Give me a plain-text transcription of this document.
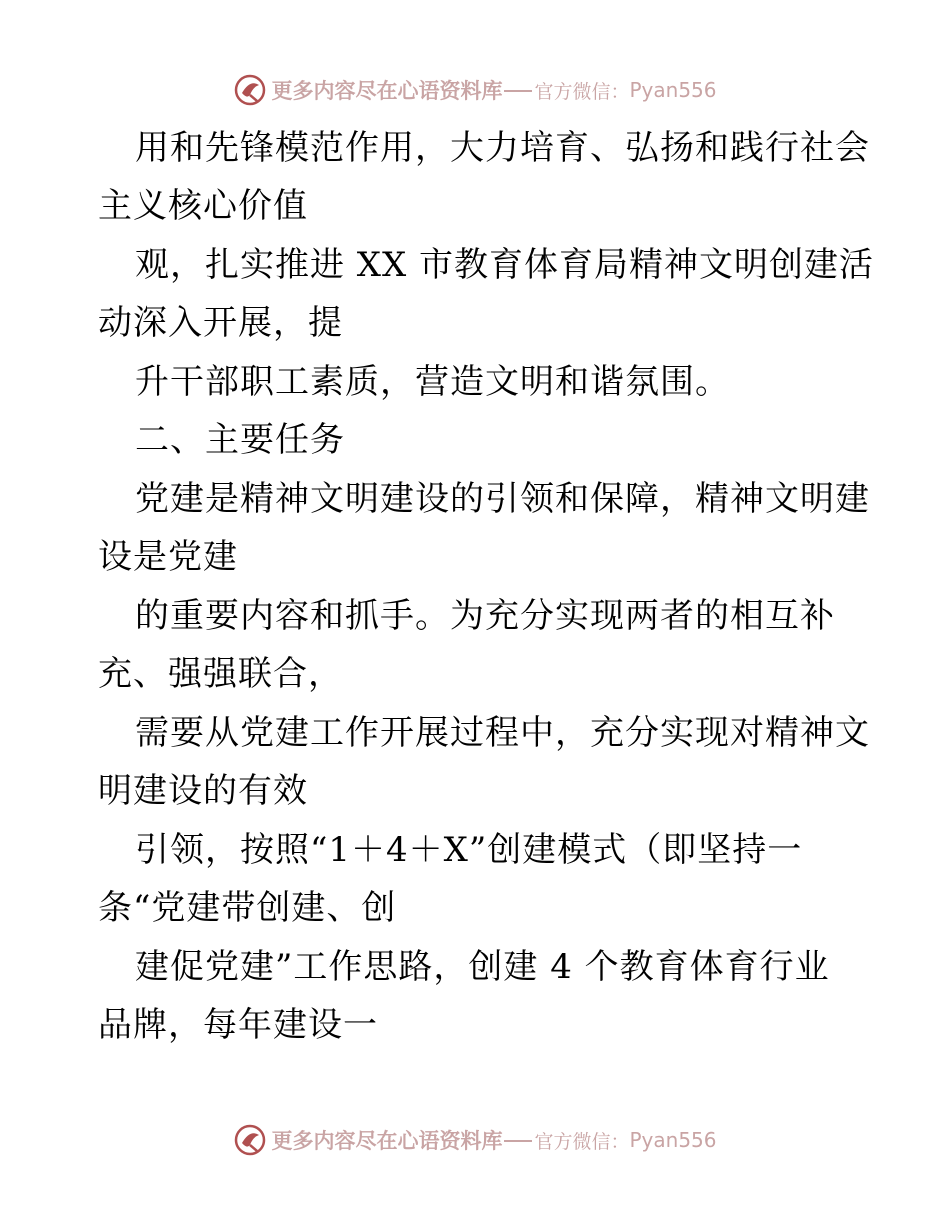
更多内容尽在心语资料库 官方微信： Pyan556
用和先锋模范作用，大力培育、弘扬和践行社会
主义核心价值
观，扎实推进 XX 市教育体育局精神文明创建活
动深入开展，提
升干部职工素质，营造文明和谐氛围。
二、主要任务
党建是精神文明建设的引领和保障，精神文明建
设是党建
的重要内容和抓手。为充分实现两者的相互补
充、强强联合，
需要从党建工作开展过程中，充分实现对精神文
明建设的有效
引领，按照“1＋4＋X”创建模式（即坚持一
条“党建带创建、创
建促党建”工作思路，创建 4 个教育体育行业
品牌，每年建设一
更多内容尽在心语资料库 官方微信： Pyan556
